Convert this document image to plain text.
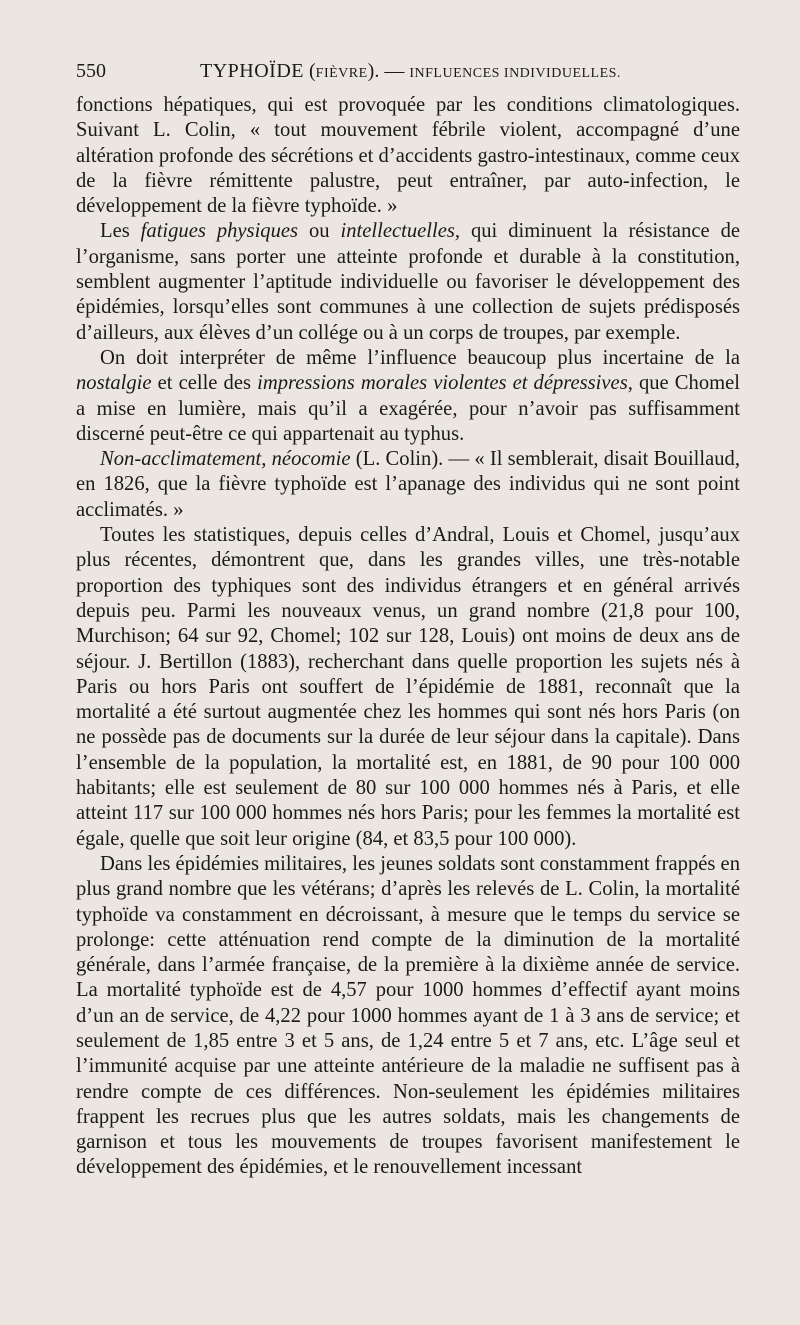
550	TYPHOÏDE (FIÈVRE). — INFLUENCES INDIVIDUELLES.

fonctions hépatiques, qui est provoquée par les conditions climatologiques. Suivant L. Colin, « tout mouvement fébrile violent, accompagné d’une altération profonde des sécrétions et d’accidents gastro-intestinaux, comme ceux de la fièvre rémittente palustre, peut entraîner, par auto-infection, le développement de la fièvre typhoïde. »

Les fatigues physiques ou intellectuelles, qui diminuent la résistance de l’organisme, sans porter une atteinte profonde et durable à la constitution, semblent augmenter l’aptitude individuelle ou favoriser le développement des épidémies, lorsqu’elles sont communes à une collection de sujets prédisposés d’ailleurs, aux élèves d’un collége ou à un corps de troupes, par exemple.

On doit interpréter de même l’influence beaucoup plus incertaine de la nostalgie et celle des impressions morales violentes et dépressives, que Chomel a mise en lumière, mais qu’il a exagérée, pour n’avoir pas suffisamment discerné peut-être ce qui appartenait au typhus.

Non-acclimatement, néocomie (L. Colin). — « Il semblerait, disait Bouillaud, en 1826, que la fièvre typhoïde est l’apanage des individus qui ne sont point acclimatés. »

Toutes les statistiques, depuis celles d’Andral, Louis et Chomel, jusqu’aux plus récentes, démontrent que, dans les grandes villes, une très-notable proportion des typhiques sont des individus étrangers et en général arrivés depuis peu. Parmi les nouveaux venus, un grand nombre (21,8 pour 100, Murchison; 64 sur 92, Chomel; 102 sur 128, Louis) ont moins de deux ans de séjour. J. Bertillon (1883), recherchant dans quelle proportion les sujets nés à Paris ou hors Paris ont souffert de l’épidémie de 1881, reconnaît que la mortalité a été surtout augmentée chez les hommes qui sont nés hors Paris (on ne possède pas de documents sur la durée de leur séjour dans la capitale). Dans l’ensemble de la population, la mortalité est, en 1881, de 90 pour 100 000 habitants; elle est seulement de 80 sur 100 000 hommes nés à Paris, et elle atteint 117 sur 100 000 hommes nés hors Paris; pour les femmes la mortalité est égale, quelle que soit leur origine (84, et 83,5 pour 100 000).

Dans les épidémies militaires, les jeunes soldats sont constamment frappés en plus grand nombre que les vétérans; d’après les relevés de L. Colin, la mortalité typhoïde va constamment en décroissant, à mesure que le temps du service se prolonge: cette atténuation rend compte de la diminution de la mortalité générale, dans l’armée française, de la première à la dixième année de service. La mortalité typhoïde est de 4,57 pour 1000 hommes d’effectif ayant moins d’un an de service, de 4,22 pour 1000 hommes ayant de 1 à 3 ans de service; et seulement de 1,85 entre 3 et 5 ans, de 1,24 entre 5 et 7 ans, etc. L’âge seul et l’immunité acquise par une atteinte antérieure de la maladie ne suffisent pas à rendre compte de ces différences. Non-seulement les épidémies militaires frappent les recrues plus que les autres soldats, mais les changements de garnison et tous les mouvements de troupes favorisent manifestement le développement des épidémies, et le renouvellement incessant
